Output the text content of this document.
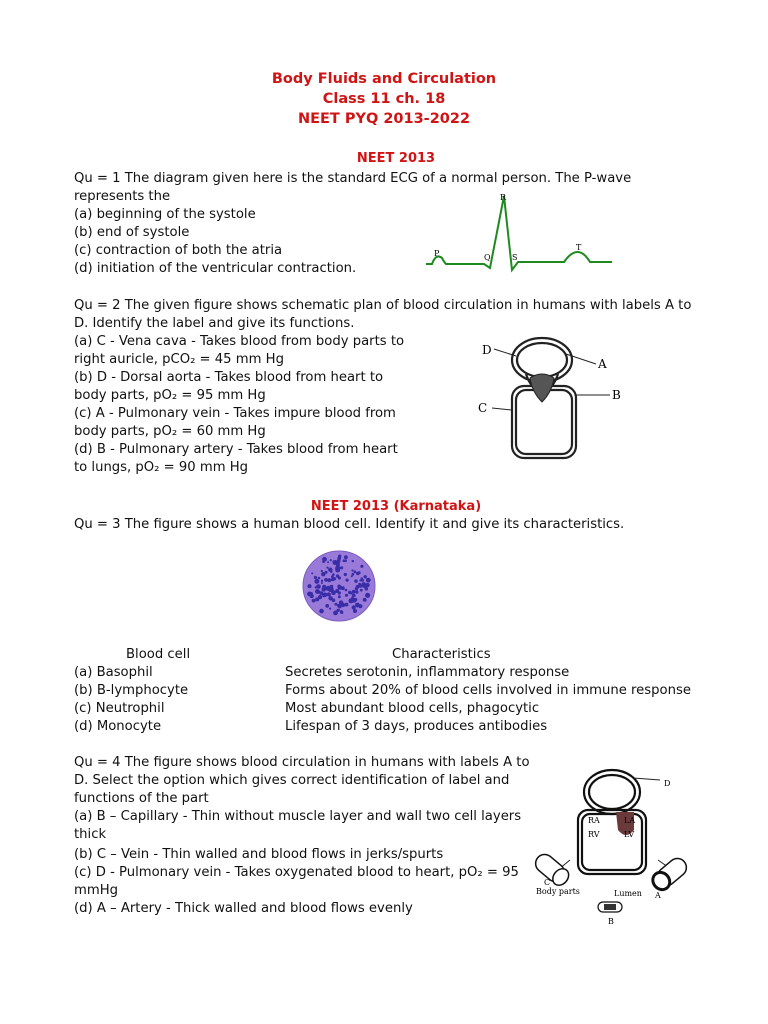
Body Fluids and Circulation
Class 11 ch. 18
NEET PYQ 2013-2022
NEET 2013
Qu = 1 The diagram given here is the standard ECG of a normal person. The P-wave
represents the
(a) beginning of the systole
(b) end of systole
(c) contraction of both the atria
(d) initiation of the ventricular contraction.
R
P	Q	S
T
Qu = 2 The given figure shows schematic plan of blood circulation in humans with labels A to
D. Identify the label and give its functions.
(a) C - Vena cava - Takes blood from body parts to
right auricle, pCO₂ = 45 mm Hg
(b) D - Dorsal aorta - Takes blood from heart to
body parts, pO₂ = 95 mm Hg
(c) A - Pulmonary vein - Takes impure blood from
body parts, pO₂ = 60 mm Hg
(d) B - Pulmonary artery - Takes blood from heart
to lungs, pO₂ = 90 mm Hg
D
A
B
C
NEET 2013 (Karnataka)
Qu = 3 The figure shows a human blood cell. Identify it and give its characteristics.
Blood cell	Characteristics
(a) Basophil	Secretes serotonin, inflammatory response
(b) B-lymphocyte	Forms about 20% of blood cells involved in immune response
(c) Neutrophil	Most abundant blood cells, phagocytic
(d) Monocyte	Lifespan of 3 days, produces antibodies
Qu = 4 The figure shows blood circulation in humans with labels A to
D. Select the option which gives correct identification of label and
functions of the part
(a) B – Capillary - Thin without muscle layer and wall two cell layers
thick
(b) C – Vein - Thin walled and blood flows in jerks/spurts
(c) D - Pulmonary vein - Takes oxygenated blood to heart, pO₂ = 95
mmHg
(d) A – Artery - Thick walled and blood flows evenly
D
RA	LA
RV	LV
C
Body parts	A
Lumen
B
